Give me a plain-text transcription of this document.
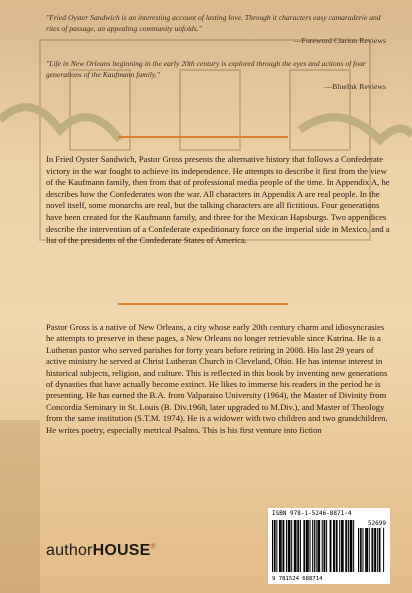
"Fried Oyster Sandwich is an interesting account of lasting love. Through it characters easy camaraderie and rites of passage, an appealing community unfolds."

—Foreword Clarion Reviews

"Life in New Orleans beginning in the early 20th century is explored through the eyes and actions of four generations of the Kaufmann family."

—BlueInk Reviews
In Fried Oyster Sandwich, Pastor Gross presents the alternative history that follows a Confederate victory in the war fought to achieve its independence. He attempts to describe it first from the view of the Kaufmann family, then from that of professional media people of the time. In Appendix A, he describes how the Confederates won the war. All characters in Appendix A are real people. In the novel itself, some monarchs are real, but the talking characters are all fictitious. Four generations have been created for the Kaufmann family, and three for the Mexican Hapsburgs. Two appendices describe the intervention of a Confederate expeditionary force on the imperial side in Mexico, and a list of the presidents of the Confederate States of America.
Pastor Gross is a native of New Orleans, a city whose early 20th century charm and idiosyncrasies he attempts to preserve in these pages, a New Orleans no longer retrievable since Katrina. He is a Lutheran pastor who served parishes for forty years before retiring in 2008. His last 29 years of active ministry he served at Christ Lutheran Church in Cleveland, Ohio. He has intense interest in historical subjects, religion, and culture. This is reflected in this book by inventing new generations of dynasties that have actually become extinct. He likes to immerse his readers in the period he is presenting. He has earned the B.A. from Valparaiso University (1964), the Master of Divinity from Concordia Seminary in St. Louis (B. Div.1968, later upgraded to M.Div.), and Master of Theology from the same institution (S.T.M. 1974). He is a widower with two children and two grandchildren. He writes poetry, especially metrical Psalms. This is his first venture into fiction
authorHOUSE®
ISBN 978-1-5246-8871-4
52699
9 781524 688714
